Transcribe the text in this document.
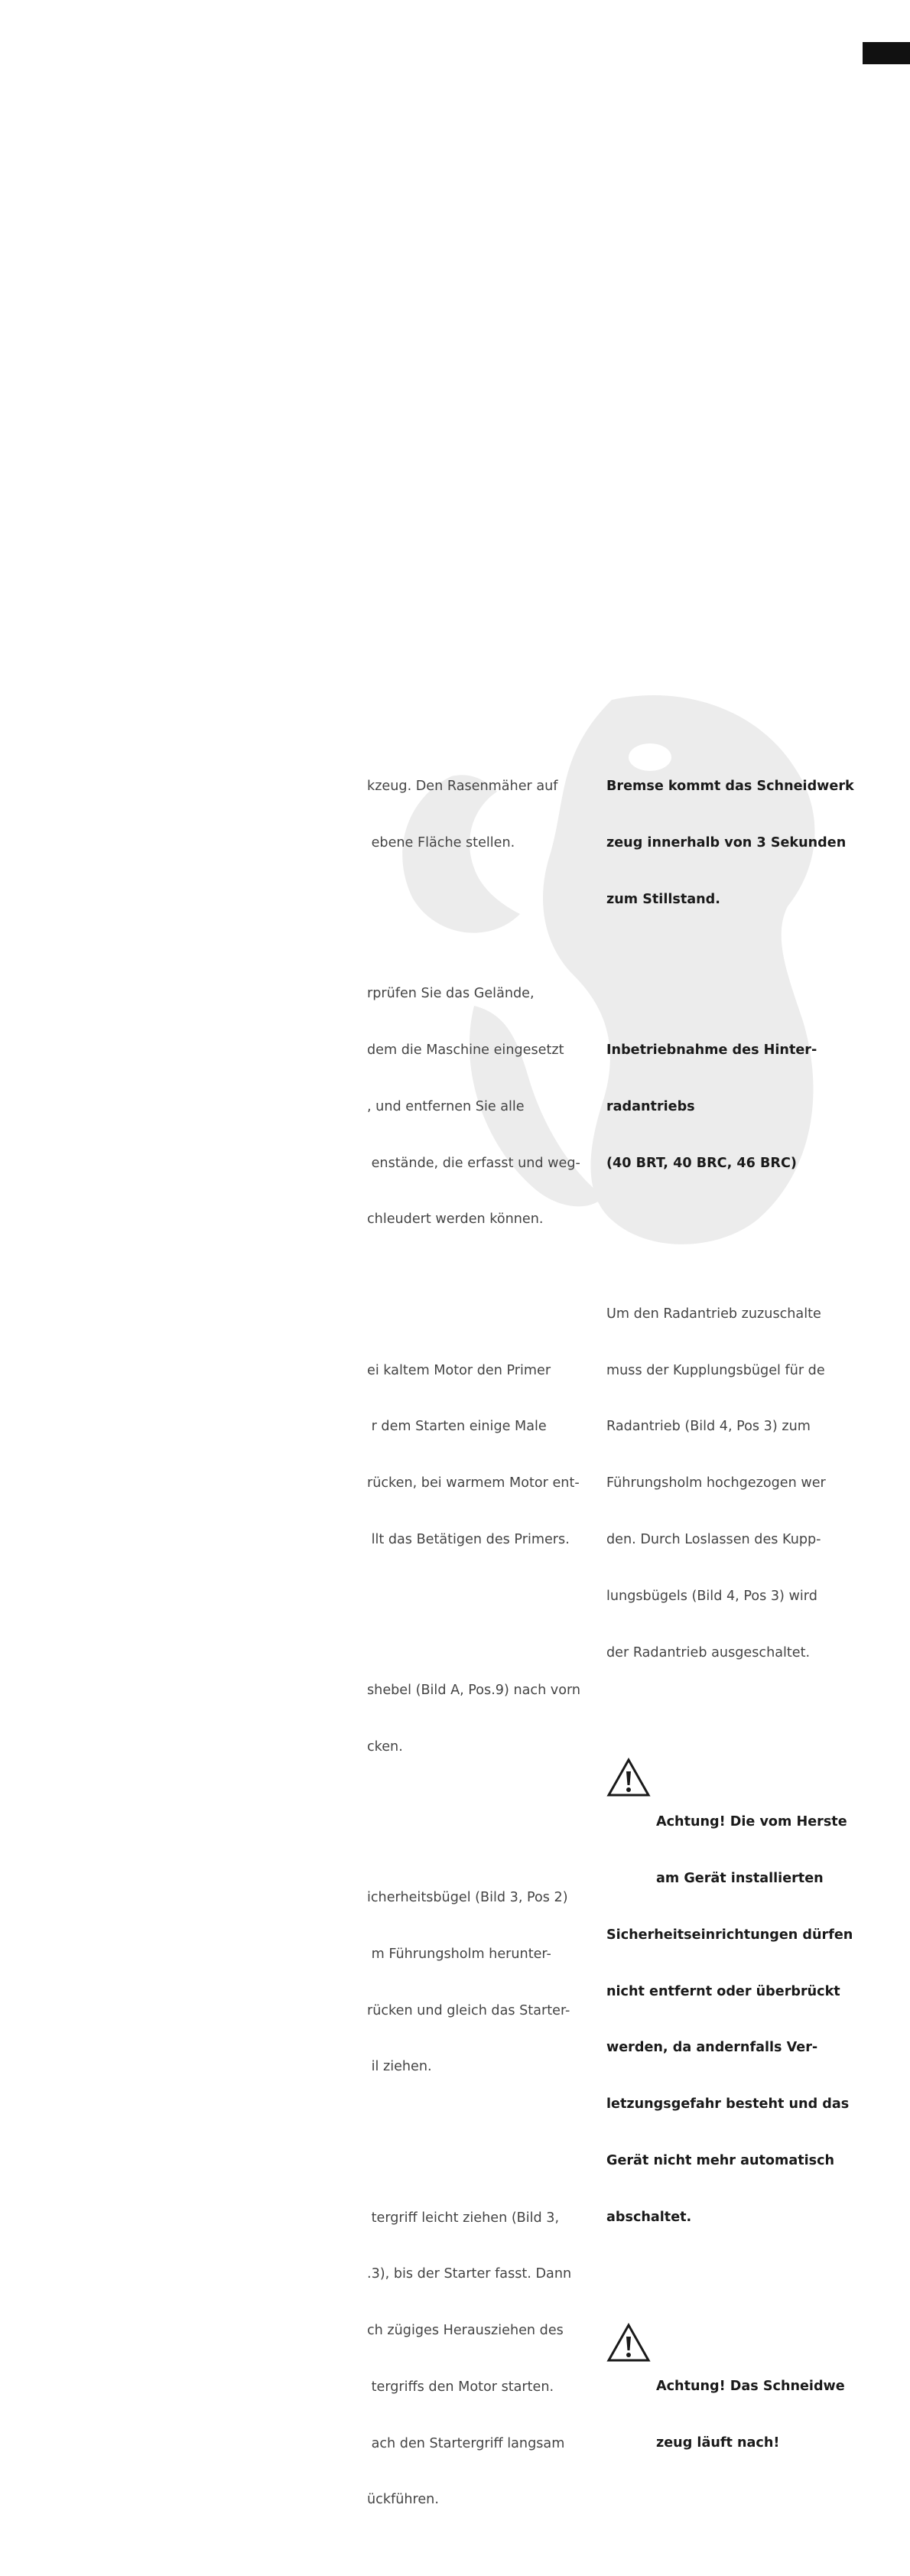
kzeug. Den Rasenmäher auf

ebene Fläche stellen.

rprüfen Sie das Gelände,

dem die Maschine eingesetzt

, und entfernen Sie alle

enstände, die erfasst und weg-

chleudert werden können.

ei kaltem Motor den Primer

r dem Starten einige Male

rücken, bei warmem Motor ent-

llt das Betätigen des Primers.

shebel (Bild A, Pos.9) nach vorn

cken.

icherheitsbügel (Bild 3, Pos 2)

m Führungsholm herunter-

rücken und gleich das Starter-

il ziehen.

tergriff leicht ziehen (Bild 3,

.3), bis der Starter fasst. Dann

ch zügiges Herausziehen des

tergriffs den Motor starten.

ach den Startergriff langsam

ückführen.

Bremse kommt das Schneidwerk

zeug innerhalb von 3 Sekunden

zum Stillstand.

Inbetriebnahme des Hinter-

radantriebs

(40 BRT, 40 BRC, 46 BRC)

Um den Radantrieb zuzuschalte

muss der Kupplungsbügel für de

Radantrieb (Bild 4, Pos 3) zum

Führungsholm hochgezogen wer

den. Durch Loslassen des Kupp-

lungsbügels (Bild 4, Pos 3) wird

der Radantrieb ausgeschaltet.

Achtung! Die vom Herste

am Gerät installierten

Sicherheitseinrichtungen dürfen

nicht entfernt oder überbrückt

werden, da andernfalls Ver-

letzungsgefahr besteht und das

Gerät nicht mehr automatisch

abschaltet.

Achtung! Das Schneidwe

zeug läuft nach!
